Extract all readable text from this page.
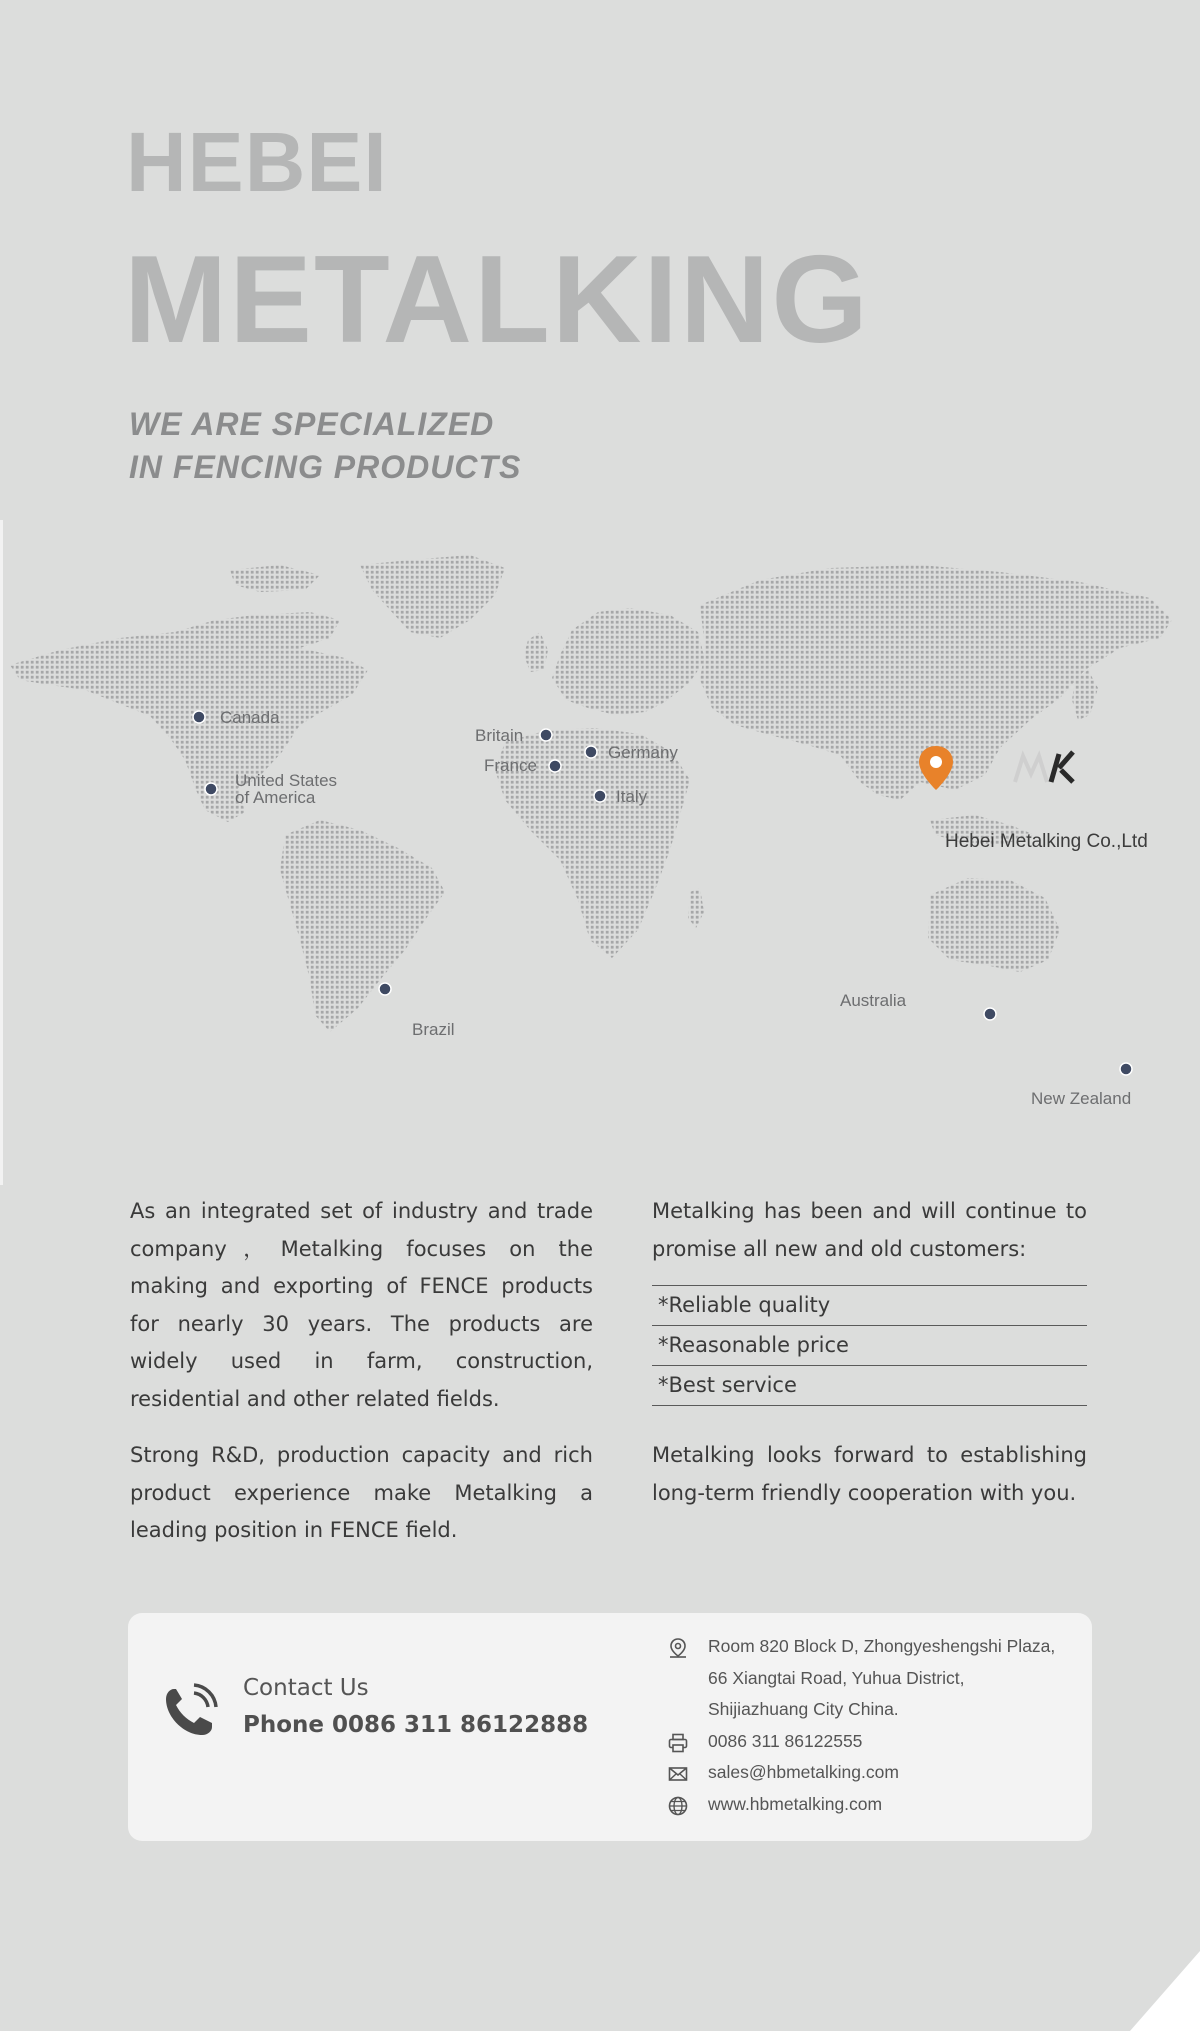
HEBEI
METALKING
WE ARE SPECIALIZED
IN FENCING PRODUCTS
Canada
United States
of America
Britain
France
Germany
Italy
Brazil
Australia
New Zealand
Hebei Metalking Co.,Ltd

As an integrated set of industry and trade company，Metalking focuses on the making and exporting of FENCE products for nearly 30 years. The products are widely used in farm, construction, residential and other related fields.

Strong R&D, production capacity and rich product experience make Metalking a leading position in FENCE field.

Metalking has been and will continue to promise all new and old customers:

*Reliable quality
*Reasonable price
*Best service

Metalking looks forward to establishing long-term friendly cooperation with you.

Contact Us
Phone 0086 311 86122888
Room 820 Block D, Zhongyeshengshi Plaza,
66 Xiangtai Road, Yuhua District,
Shijiazhuang City China.
0086 311 86122555
sales@hbmetalking.com
www.hbmetalking.com
